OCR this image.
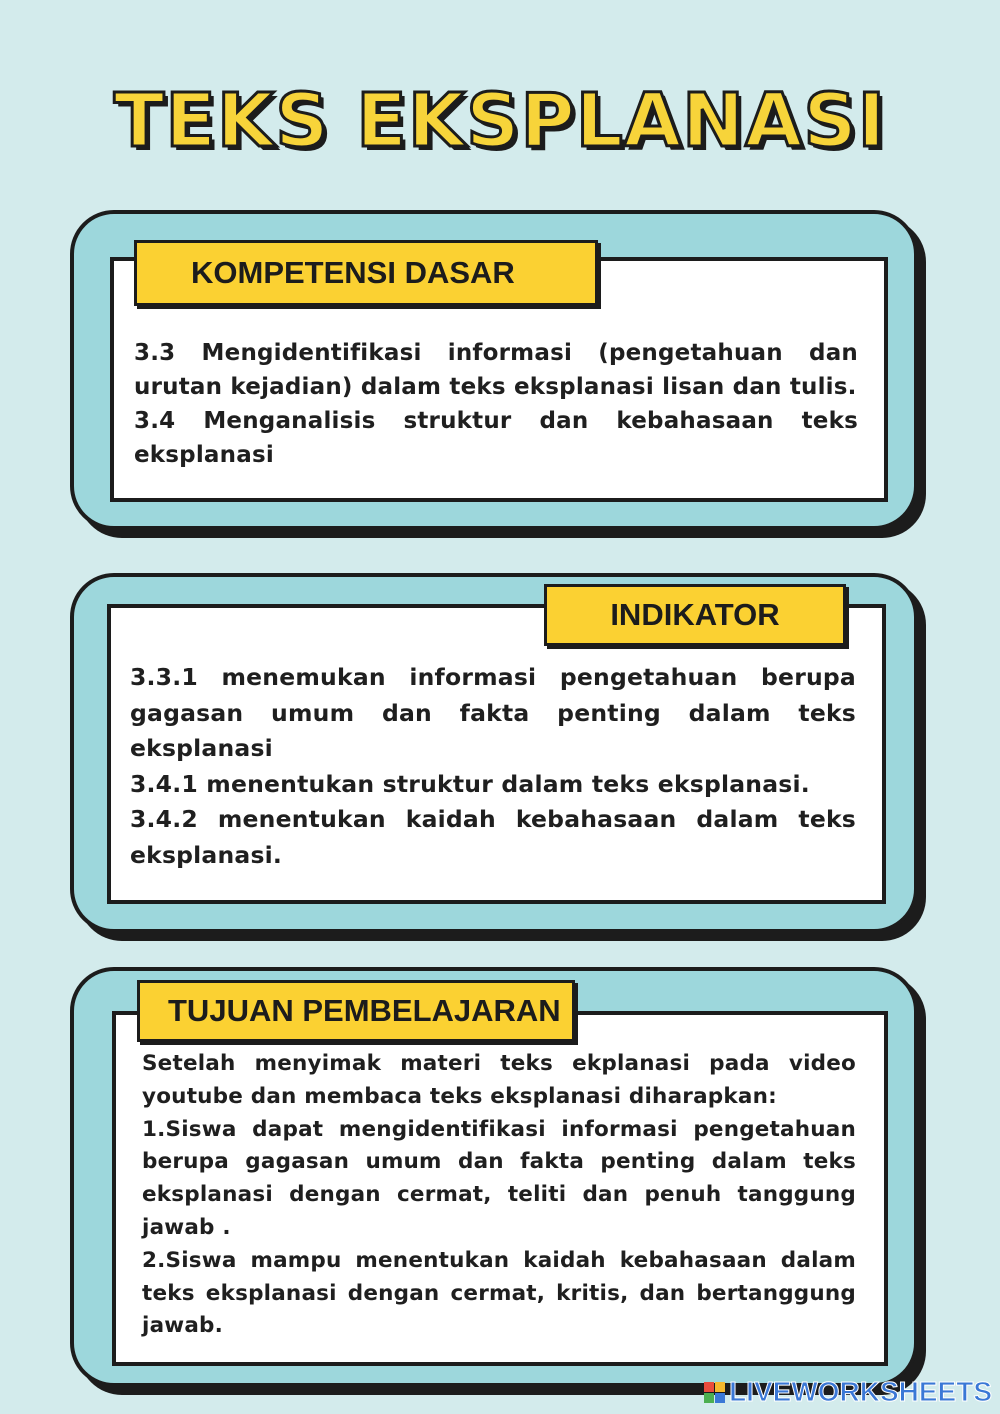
TEKS EKSPLANASI
KOMPETENSI DASAR

3.3 Mengidentifikasi informasi (pengetahuan dan urutan kejadian) dalam teks eksplanasi lisan dan tulis.

3.4 Menganalisis struktur dan kebahasaan teks eksplanasi

INDIKATOR

3.3.1 menemukan informasi pengetahuan berupa gagasan umum dan fakta penting dalam teks eksplanasi

3.4.1 menentukan struktur dalam teks eksplanasi.

3.4.2 menentukan kaidah kebahasaan dalam teks eksplanasi.

TUJUAN PEMBELAJARAN

Setelah menyimak materi teks ekplanasi pada video youtube dan membaca teks eksplanasi diharapkan:

1.Siswa dapat mengidentifikasi informasi pengetahuan berupa gagasan umum dan fakta penting dalam teks eksplanasi dengan cermat, teliti dan penuh tanggung jawab .

2.Siswa mampu menentukan kaidah kebahasaan dalam teks eksplanasi dengan cermat, kritis, dan bertanggung jawab.

LIVEWORKSHEETS
